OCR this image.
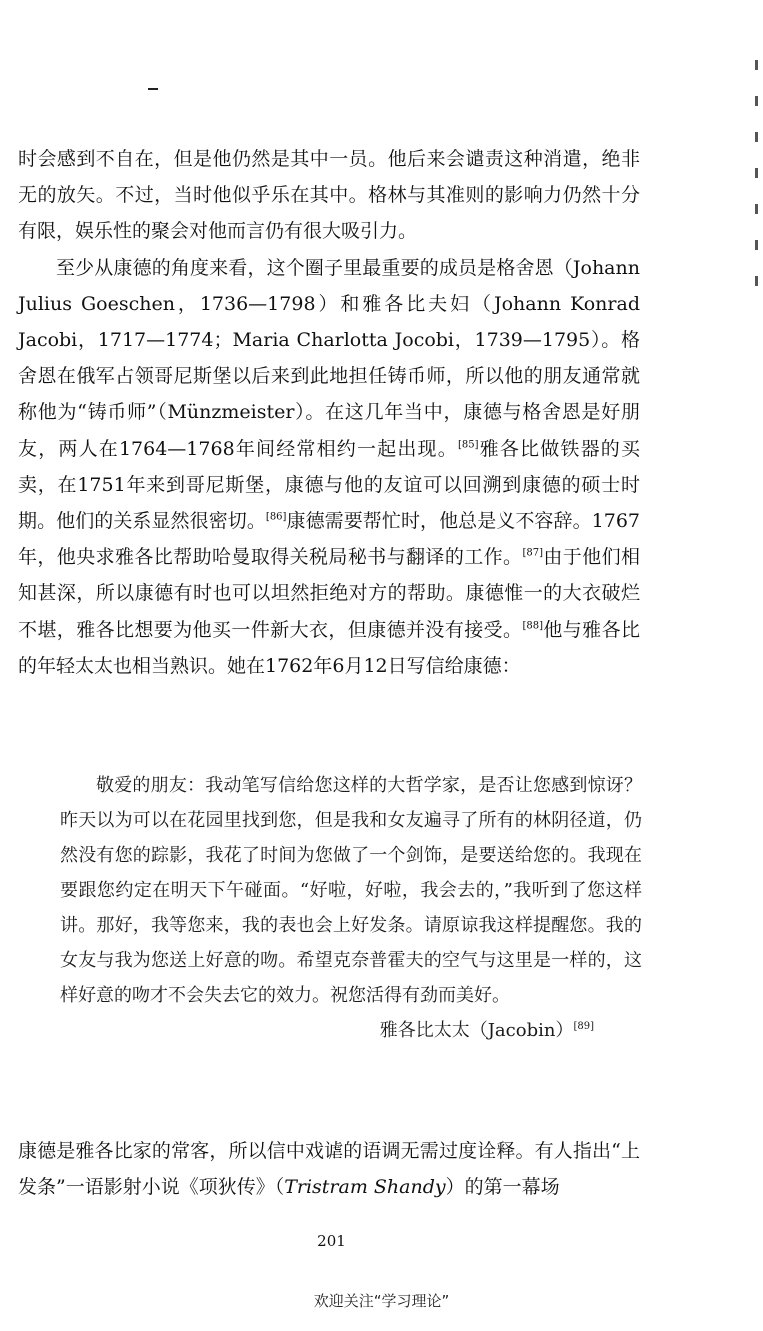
时会感到不自在，但是他仍然是其中一员。他后来会谴责这种消遣，绝非无的放矢。不过，当时他似乎乐在其中。格林与其准则的影响力仍然十分有限，娱乐性的聚会对他而言仍有很大吸引力。

至少从康德的角度来看，这个圈子里最重要的成员是格舍恩（Johann Julius Goeschen，1736—1798）和雅各比夫妇（Johann Konrad Jacobi，1717—1774；Maria Charlotta Jocobi，1739—1795）。格舍恩在俄军占领哥尼斯堡以后来到此地担任铸币师，所以他的朋友通常就称他为“铸币师”（Münzmeister）。在这几年当中，康德与格舍恩是好朋友，两人在1764—1768年间经常相约一起出现。[85]雅各比做铁器的买卖，在1751年来到哥尼斯堡，康德与他的友谊可以回溯到康德的硕士时期。他们的关系显然很密切。[86]康德需要帮忙时，他总是义不容辞。1767年，他央求雅各比帮助哈曼取得关税局秘书与翻译的工作。[87]由于他们相知甚深，所以康德有时也可以坦然拒绝对方的帮助。康德惟一的大衣破烂不堪，雅各比想要为他买一件新大衣，但康德并没有接受。[88]他与雅各比的年轻太太也相当熟识。她在1762年6月12日写信给康德：

敬爱的朋友：我动笔写信给您这样的大哲学家，是否让您感到惊讶？昨天以为可以在花园里找到您，但是我和女友遍寻了所有的林阴径道，仍然没有您的踪影，我花了时间为您做了一个剑饰，是要送给您的。我现在要跟您约定在明天下午碰面。“好啦，好啦，我会去的，”我听到了您这样讲。那好，我等您来，我的表也会上好发条。请原谅我这样提醒您。我的女友与我为您送上好意的吻。希望克奈普霍夫的空气与这里是一样的，这样好意的吻才不会失去它的效力。祝您活得有劲而美好。

雅各比太太（Jacobin）[89]

康德是雅各比家的常客，所以信中戏谑的语调无需过度诠释。有人指出“上发条”一语影射小说《项狄传》（Tristram Shandy）的第一幕场

201
欢迎关注“学习理论”
